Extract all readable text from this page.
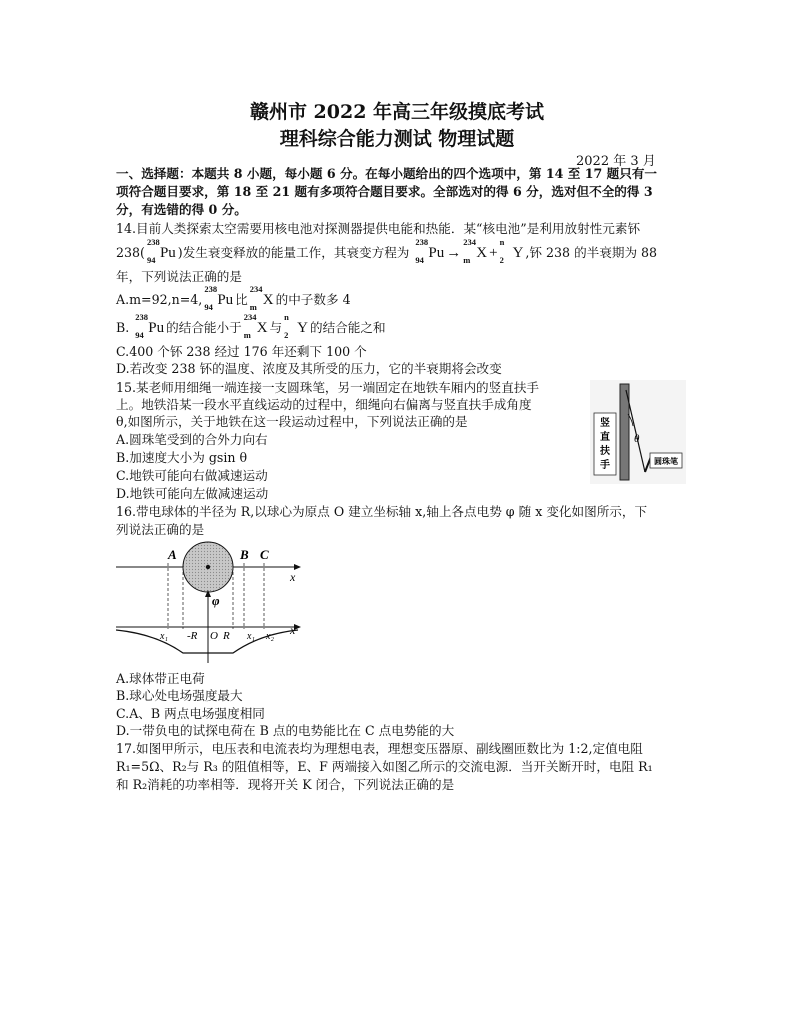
赣州市 2022 年高三年级摸底考试
理科综合能力测试 物理试题
2022 年 3 月
一、选择题：本题共 8 小题，每小题 6 分。在每小题给出的四个选项中，第 14 至 17 题只有一
项符合题目要求，第 18 至 21 题有多项符合题目要求。全部选对的得 6 分，选对但不全的得 3
分，有选错的得 0 分。
14.目前人类探索太空需要用核电池对探测器提供电能和热能．某“核电池”是利用放射性元素钚
238(
238
94 Pu )发生衰变释放的能量工作，其衰变方程为
238
94 Pu →
234
m X +
n
2 Y ,钚 238 的半衰期为 88
年，下列说法正确的是
A.m=92,n=4,
238
94 Pu 比
234
m X 的中子数多 4
B.
238
94 Pu 的结合能小于
234
m X 与
n
2 Y 的结合能之和
C.400 个钚 238 经过 176 年还剩下 100 个
D.若改变 238 钚的温度、浓度及其所受的压力，它的半衰期将会改变
15.某老师用细绳一端连接一支圆珠笔，另一端固定在地铁车厢内的竖直扶手
上。地铁沿某一段水平直线运动的过程中，细绳向右偏离与竖直扶手成角度
θ,如图所示，关于地铁在这一段运动过程中，下列说法正确的是
A.圆珠笔受到的合外力向右
B.加速度大小为 gsin θ
C.地铁可能向右做减速运动
D.地铁可能向左做减速运动
竖
直
扶
手
θ
圆珠笔
16.带电球体的半径为 R,以球心为原点 O 建立坐标轴 x,轴上各点电势 φ 随 x 变化如图所示，下
列说法正确的是
A	B C
x
φ
x
x₁ -R O R x₁ x₂
A.球体带正电荷
B.球心处电场强度最大
C.A、B 两点电场强度相同
D.一带负电的试探电荷在 B 点的电势能比在 C 点电势能的大
17.如图甲所示，电压表和电流表均为理想电表，理想变压器原、副线圈匝数比为 1:2,定值电阻
R₁=5Ω、R₂与 R₃ 的阻值相等，E、F 两端接入如图乙所示的交流电源．当开关断开时，电阻 R₁
和 R₂消耗的功率相等．现将开关 K 闭合，下列说法正确的是
